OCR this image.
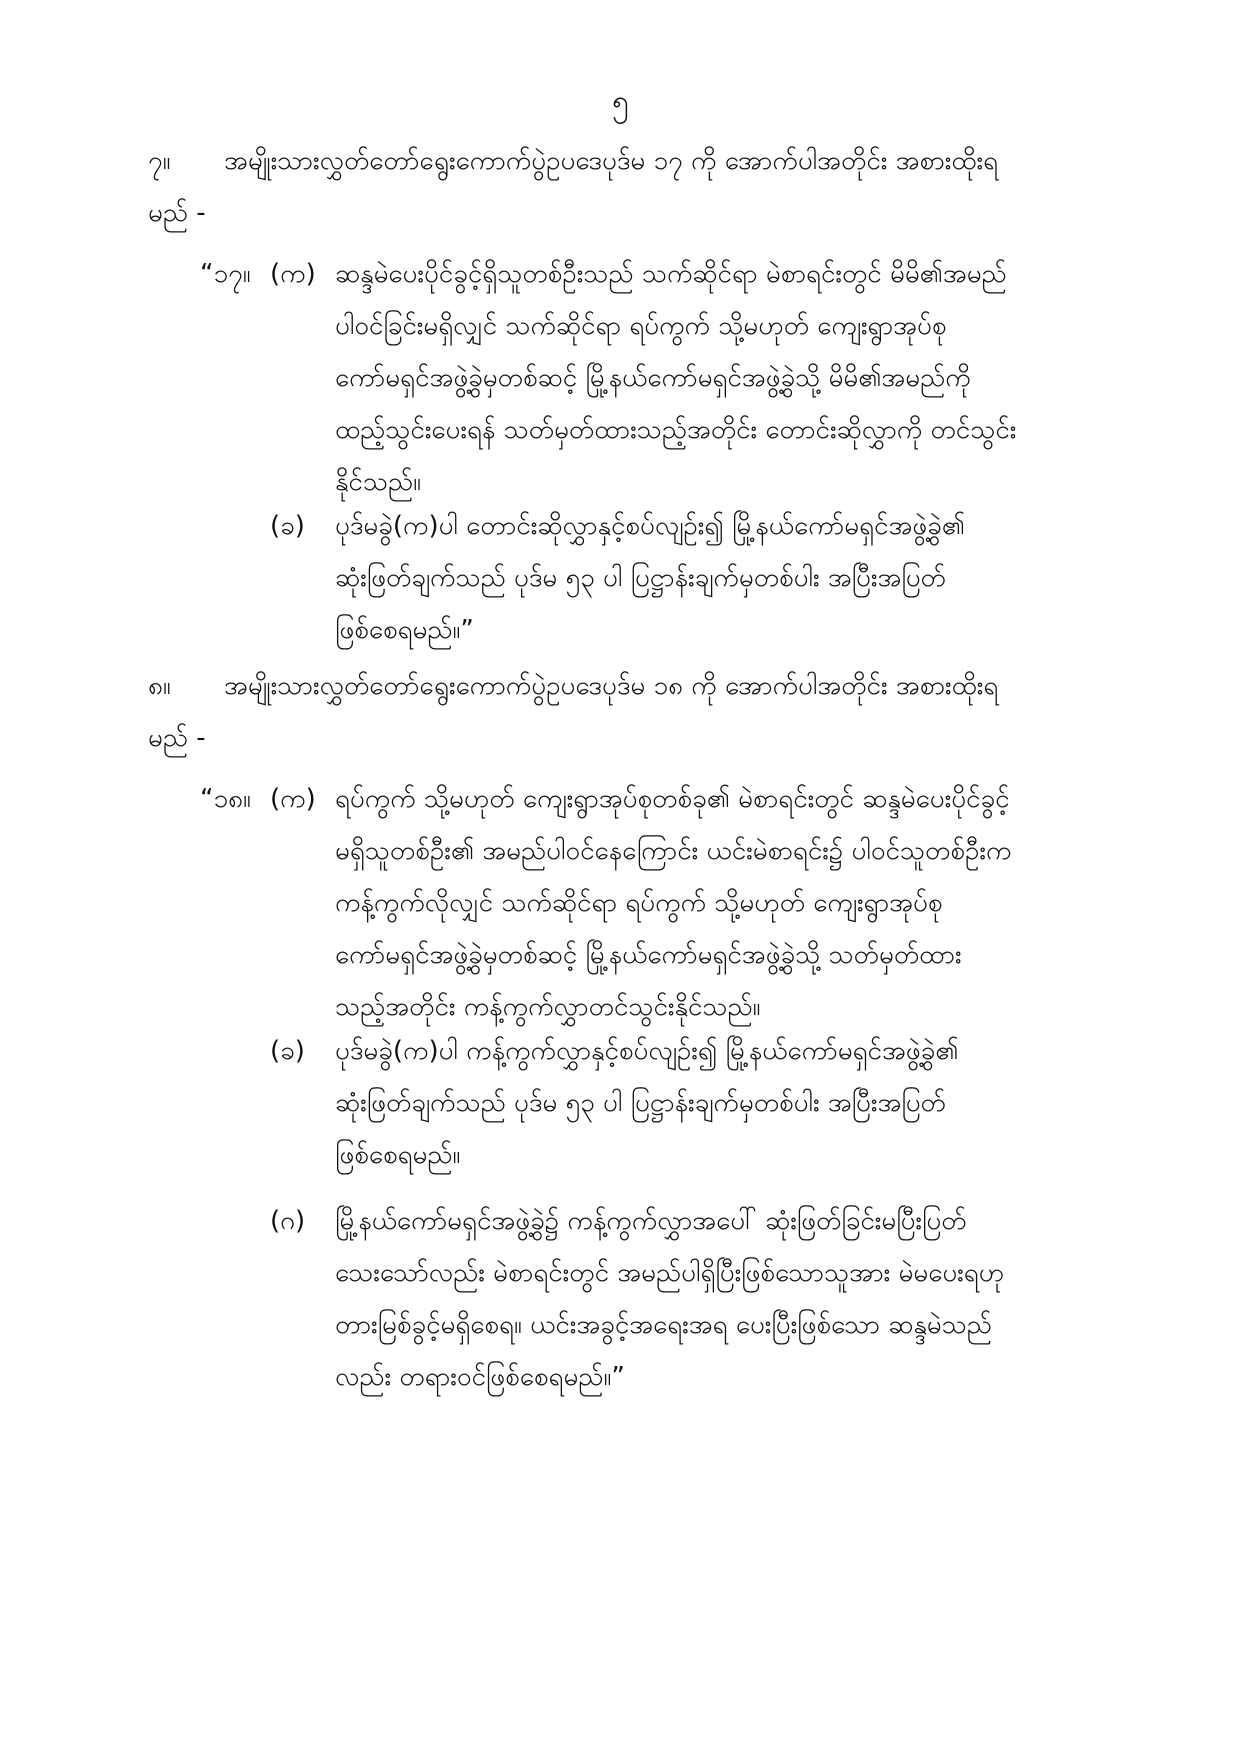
၅
၇။ အမျိုးသားလွှတ်တော်ရွေးကောက်ပွဲဥပဒေပုဒ်မ ၁၇ ကို အောက်ပါအတိုင်း အစားထိုးရ
မည် -
“၁၇။ (က) ဆန္ဒမဲပေးပိုင်ခွင့်ရှိသူတစ်ဦးသည် သက်ဆိုင်ရာ မဲစာရင်းတွင် မိမိ၏အမည်

ပါဝင်ခြင်းမရှိလျှင် သက်ဆိုင်ရာ ရပ်ကွက် သို့မဟုတ် ကျေးရွာအုပ်စု

ကော်မရှင်အဖွဲ့ခွဲမှတစ်ဆင့် မြို့နယ်ကော်မရှင်အဖွဲ့ခွဲသို့ မိမိ၏အမည်ကို

ထည့်သွင်းပေးရန် သတ်မှတ်ထားသည့်အတိုင်း တောင်းဆိုလွှာကို တင်သွင်း

နိုင်သည်။

(ခ) ပုဒ်မခွဲ(က)ပါ တောင်းဆိုလွှာနှင့်စပ်လျဉ်း၍ မြို့နယ်ကော်မရှင်အဖွဲ့ခွဲ၏

ဆုံးဖြတ်ချက်သည် ပုဒ်မ ၅၃ ပါ ပြဋ္ဌာန်းချက်မှတစ်ပါး အပြီးအပြတ်

ဖြစ်စေရမည်။”

၈။ အမျိုးသားလွှတ်တော်ရွေးကောက်ပွဲဥပဒေပုဒ်မ ၁၈ ကို အောက်ပါအတိုင်း အစားထိုးရ
မည် -
“၁၈။ (က) ရပ်ကွက် သို့မဟုတ် ကျေးရွာအုပ်စုတစ်ခု၏ မဲစာရင်းတွင် ဆန္ဒမဲပေးပိုင်ခွင့်

မရှိသူတစ်ဦး၏ အမည်ပါဝင်နေကြောင်း ယင်းမဲစာရင်း၌ ပါဝင်သူတစ်ဦးက

ကန့်ကွက်လိုလျှင် သက်ဆိုင်ရာ ရပ်ကွက် သို့မဟုတ် ကျေးရွာအုပ်စု

ကော်မရှင်အဖွဲ့ခွဲမှတစ်ဆင့် မြို့နယ်ကော်မရှင်အဖွဲ့ခွဲသို့ သတ်မှတ်ထား

သည့်အတိုင်း ကန့်ကွက်လွှာတင်သွင်းနိုင်သည်။

(ခ) ပုဒ်မခွဲ(က)ပါ ကန့်ကွက်လွှာနှင့်စပ်လျဉ်း၍ မြို့နယ်ကော်မရှင်အဖွဲ့ခွဲ၏

ဆုံးဖြတ်ချက်သည် ပုဒ်မ ၅၃ ပါ ပြဋ္ဌာန်းချက်မှတစ်ပါး အပြီးအပြတ်

ဖြစ်စေရမည်။

(ဂ) မြို့နယ်ကော်မရှင်အဖွဲ့ခွဲ၌ ကန့်ကွက်လွှာအပေါ် ဆုံးဖြတ်ခြင်းမပြီးပြတ်

သေးသော်လည်း မဲစာရင်းတွင် အမည်ပါရှိပြီးဖြစ်သောသူအား မဲမပေးရဟု

တားမြစ်ခွင့်မရှိစေရ။ ယင်းအခွင့်အရေးအရ ပေးပြီးဖြစ်သော ဆန္ဒမဲသည်

လည်း တရားဝင်ဖြစ်စေရမည်။”
